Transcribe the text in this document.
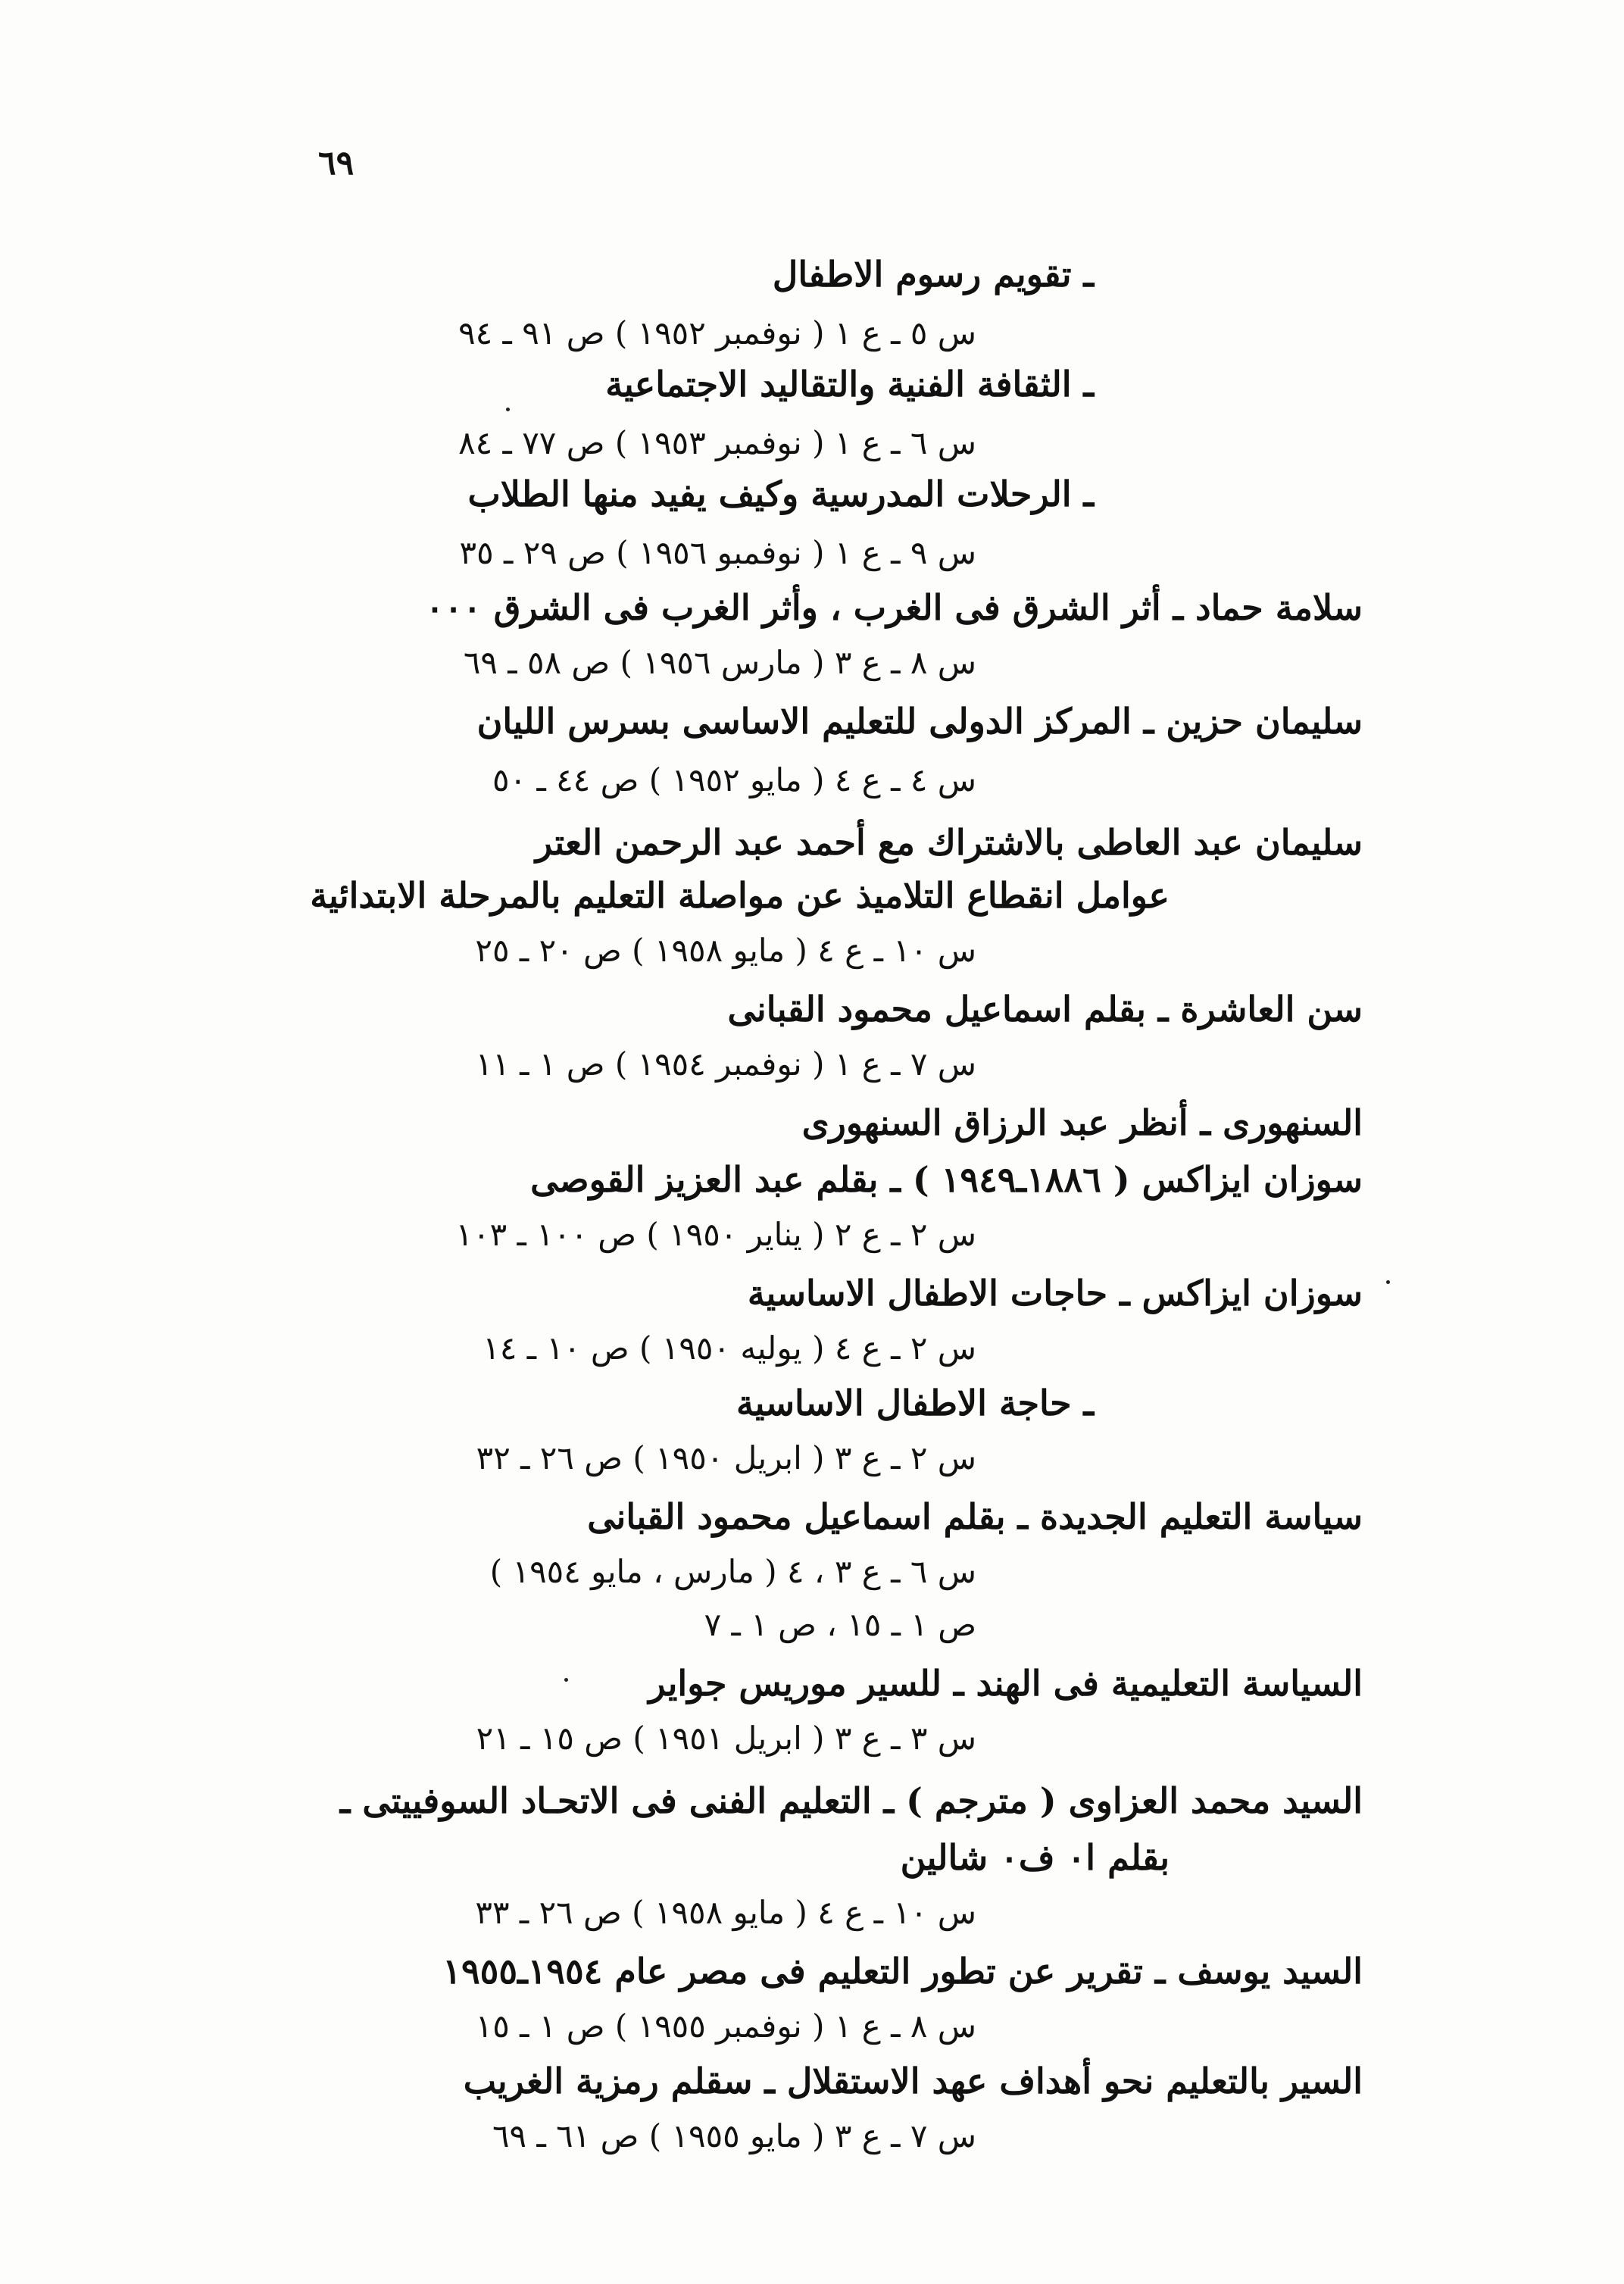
٦٩
ـ تقويم رسوم الاطفال
س ٥ ـ ع ١ ( نوفمبر ١٩٥٢ ) ص ٩١ ـ ٩٤
ـ الثقافة الفنية والتقاليد الاجتماعية
س ٦ ـ ع ١ ( نوفمبر ١٩٥٣ ) ص ٧٧ ـ ٨٤
ـ الرحلات المدرسية وكيف يفيد منها الطلاب
س ٩ ـ ع ١ ( نوفمبو ١٩٥٦ ) ص ٢٩ ـ ٣٥
سلامة حماد ـ أثر الشرق فى الغرب ، وأثر الغرب فى الشرق ٠٠٠
س ٨ ـ ع ٣ ( مارس ١٩٥٦ ) ص ٥٨ ـ ٦٩
سليمان حزين ـ المركز الدولى للتعليم الاساسى بسرس الليان
س ٤ ـ ع ٤ ( مايو ١٩٥٢ ) ص ٤٤ ـ ٥٠
سليمان عبد العاطى بالاشتراك مع أحمد عبد الرحمن العتر
عوامل انقطاع التلاميذ عن مواصلة التعليم بالمرحلة الابتدائية
س ١٠ ـ ع ٤ ( مايو ١٩٥٨ ) ص ٢٠ ـ ٢٥
سن العاشرة ـ بقلم اسماعيل محمود القبانى
س ٧ ـ ع ١ ( نوفمبر ١٩٥٤ ) ص ١ ـ ١١
السنهورى ـ أنظر عبد الرزاق السنهورى
سوزان ايزاكس ( ١٨٨٦ـ١٩٤٩ ) ـ بقلم عبد العزيز القوصى
س ٢ ـ ع ٢ ( يناير ١٩٥٠ ) ص ١٠٠ ـ ١٠٣
سوزان ايزاكس ـ حاجات الاطفال الاساسية
س ٢ ـ ع ٤ ( يوليه ١٩٥٠ ) ص ١٠ ـ ١٤
ـ حاجة الاطفال الاساسية
س ٢ ـ ع ٣ ( ابريل ١٩٥٠ ) ص ٢٦ ـ ٣٢
سياسة التعليم الجديدة ـ بقلم اسماعيل محمود القبانى
س ٦ ـ ع ٣ ، ٤ ( مارس ، مايو ١٩٥٤ )
ص ١ ـ ١٥ ، ص ١ ـ ٧
السياسة التعليمية فى الهند ـ للسير موريس جواير
س ٣ ـ ع ٣ ( ابريل ١٩٥١ ) ص ١٥ ـ ٢١
السيد محمد العزاوى ( مترجم ) ـ التعليم الفنى فى الاتحـاد السوفييتى ـ
بقلم ا٠ ف٠ شالين
س ١٠ ـ ع ٤ ( مايو ١٩٥٨ ) ص ٢٦ ـ ٣٣
السيد يوسف ـ تقرير عن تطور التعليم فى مصر عام ١٩٥٤ـ١٩٥٥
س ٨ ـ ع ١ ( نوفمبر ١٩٥٥ ) ص ١ ـ ١٥
السير بالتعليم نحو أهداف عهد الاستقلال ـ سقلم رمزية الغريب
س ٧ ـ ع ٣ ( مايو ١٩٥٥ ) ص ٦١ ـ ٦٩
